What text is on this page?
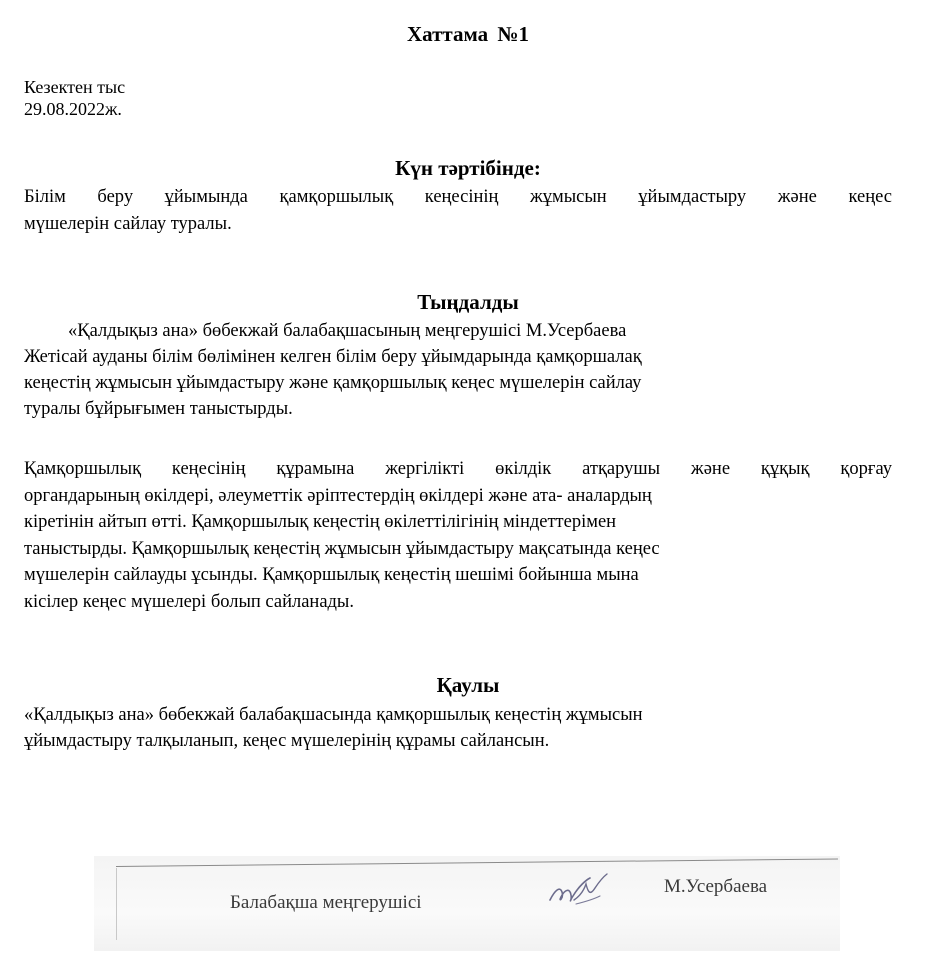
Хаттама №1
Кезектен тыс
29.08.2022ж.
Күн тәртібінде:
Білім беру ұйымында қамқоршылық кеңесінің жұмысын ұйымдастыру және кеңес
мүшелерін сайлау туралы.
Тыңдалды
«Қалдықыз ана» бөбекжай балабақшасының меңгерушісі М.Усербаева
Жетісай ауданы білім бөлімінен келген білім беру ұйымдарында қамқоршалақ
кеңестің жұмысын ұйымдастыру және қамқоршылық кеңес мүшелерін сайлау
туралы бұйрығымен таныстырды.
Қамқоршылық кеңесінің құрамына жергілікті өкілдік атқарушы және құқық қорғау
органдарының өкілдері, әлеуметтік әріптестердің өкілдері және ата- аналардың
кіретінін айтып өтті. Қамқоршылық кеңестің өкілеттілігінің міндеттерімен
таныстырды. Қамқоршылық кеңестің жұмысын ұйымдастыру мақсатында кеңес
мүшелерін сайлауды ұсынды. Қамқоршылық кеңестің шешімі бойынша мына
кісілер кеңес мүшелері болып сайланады.
Қаулы
«Қалдықыз ана» бөбекжай балабақшасында қамқоршылық кеңестің жұмысын
ұйымдастыру талқыланып, кеңес мүшелерінің құрамы сайлансын.
Балабақша меңгерушісі
М.Усербаева
